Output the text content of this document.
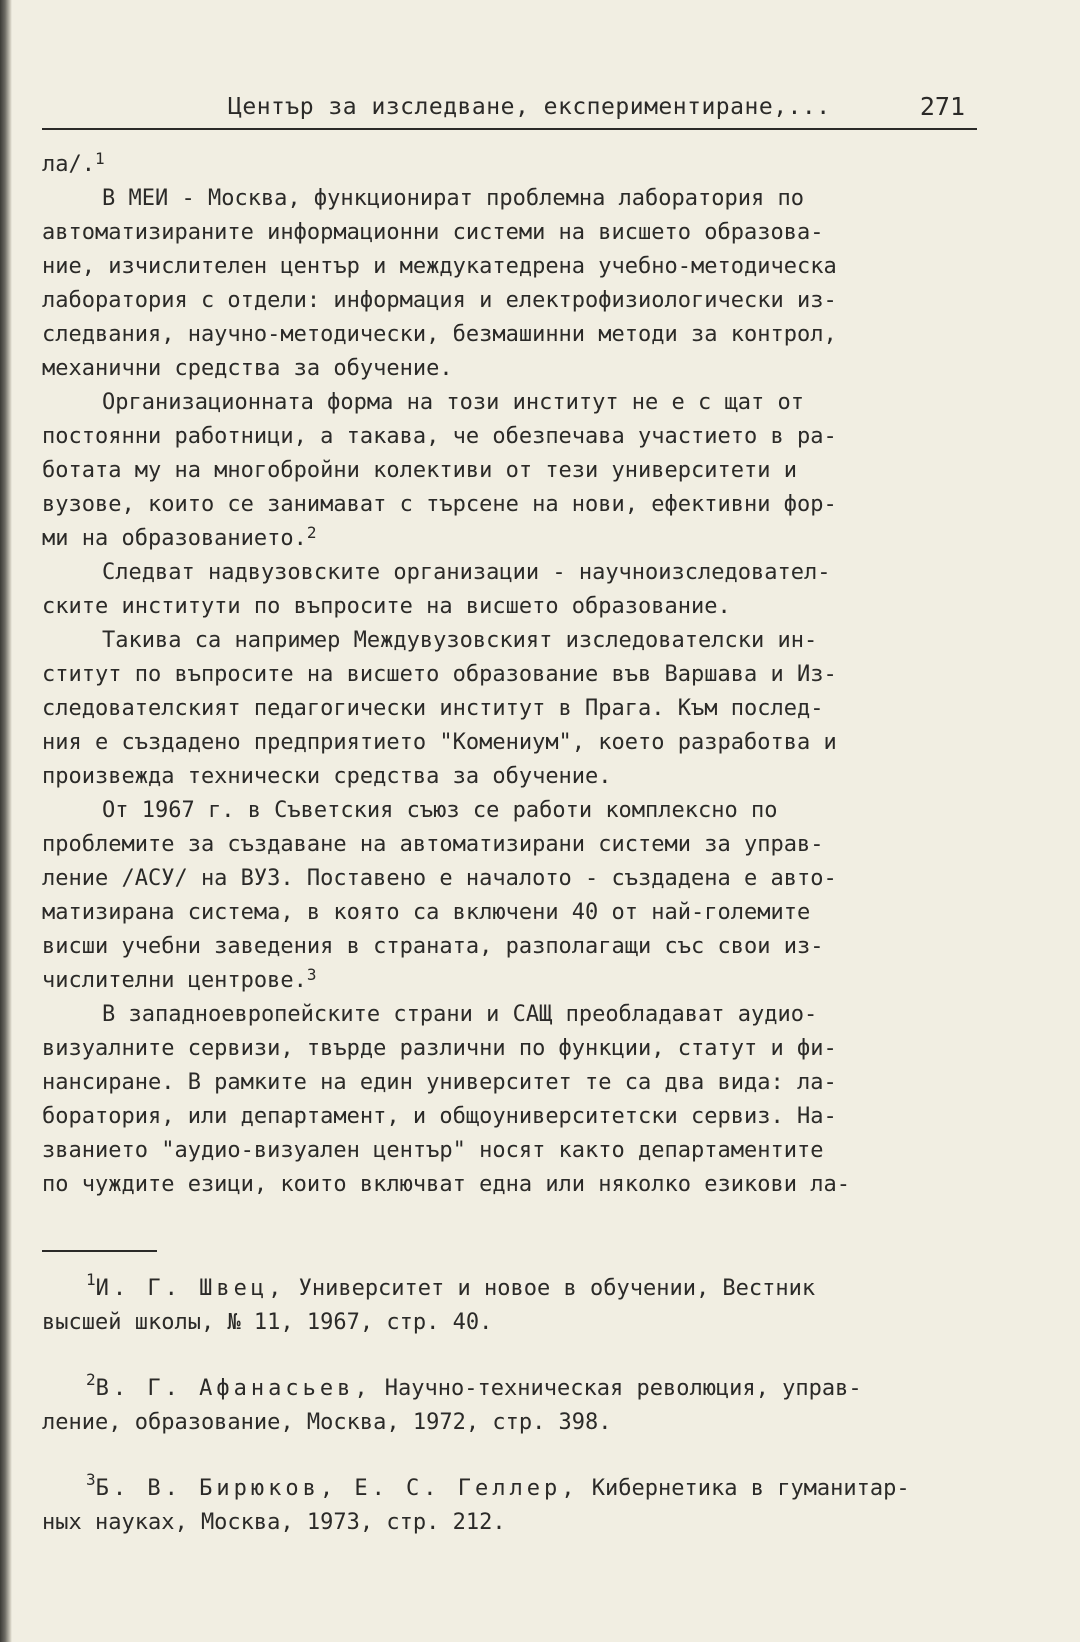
Център за изследване, експериментиране,...	271
ла/.$^1$
В МЕИ - Москва, функционират проблемна лаборатория по
автоматизираните информационни системи на висшето образова-
ние, изчислителен център и междукатедрена учебно-методическа
лаборатория с отдели: информация и електрофизиологически из-
следвания, научно-методически, безмашинни методи за контрол,
механични средства за обучение.
Организационната форма на този институт не е с щат от
постоянни работници, а такава, че обезпечава участието в ра-
ботата му на многобройни колективи от тези университети и
вузове, които се занимават с търсене на нови, ефективни фор-
ми на образованието.$^2$
Следват надвузовските организации - научноизследовател-
ските институти по въпросите на висшето образование.
Такива са например Междувузовският изследователски ин-
ститут по въпросите на висшето образование във Варшава и Из-
следователският педагогически институт в Прага. Към послед-
ния е създадено предприятието "Комениум", което разработва и
произвежда технически средства за обучение.
От 1967 г. в Съветския съюз се работи комплексно по
проблемите за създаване на автоматизирани системи за управ-
ление /АСУ/ на ВУЗ. Поставено е началото - създадена е авто-
матизирана система, в която са включени 40 от най-големите
висши учебни заведения в страната, разполагащи със свои из-
числителни центрове.$^3$
В западноевропейските страни и САЩ преобладават аудио-
визуалните сервизи, твърде различни по функции, статут и фи-
нансиране. В рамките на един университет те са два вида: ла-
боратория, или департамент, и общоуниверситетски сервиз. На-
званието "аудио-визуален център" носят както департаментите
по чуждите езици, които включват една или няколко езикови ла-
$^1$И. Г. Швец, Университет и новое в обучении, Вестник
высшей школы, № 11, 1967, стр. 40.
$^2$В. Г. Афанасьев, Научно-техническая революция, управ-
ление, образование, Москва, 1972, стр. 398.
$^3$Б. В. Бирюков, Е. С. Геллер, Кибернетика в гуманитар-
ных науках, Москва, 1973, стр. 212.
